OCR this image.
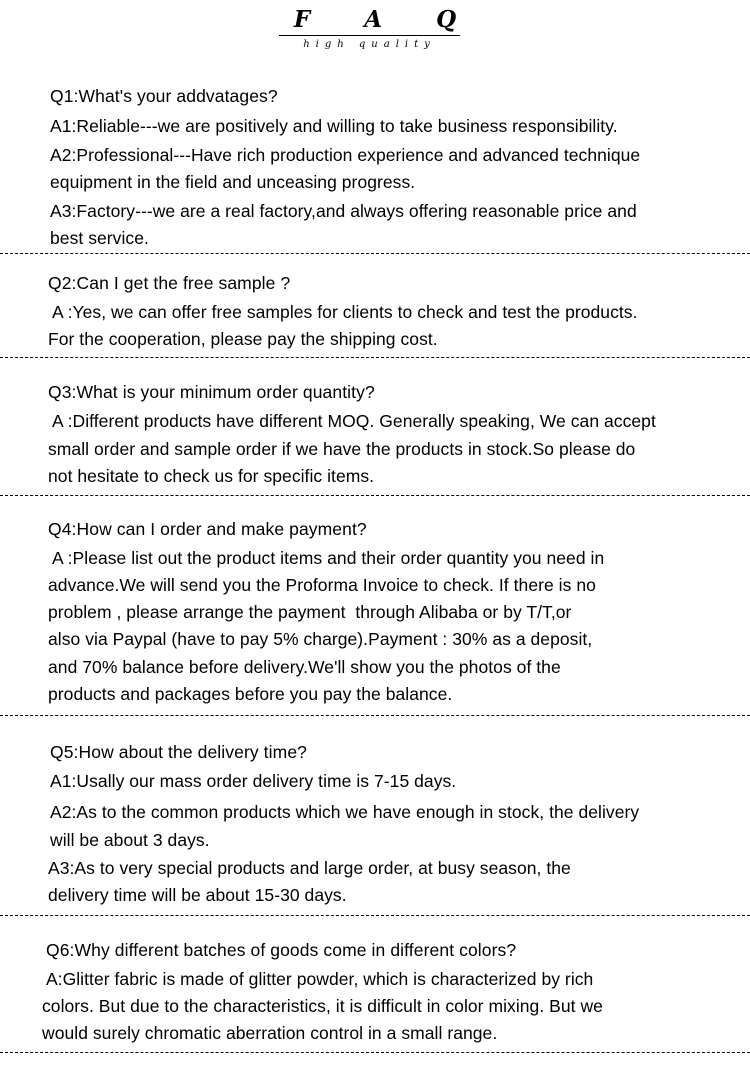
F A Q
high quality
Q1:What's your addvatages?
A1:Reliable---we are positively and willing to take business responsibility.
A2:Professional---Have rich production experience and advanced technique
equipment in the field and unceasing progress.
A3:Factory---we are a real factory,and always offering reasonable price and
best service.
Q2:Can I get the free sample ?
A :Yes, we can offer free samples for clients to check and test the products.
For the cooperation, please pay the shipping cost.
Q3:What is your minimum order quantity?
A :Different products have different MOQ. Generally speaking, We can accept
small order and sample order if we have the products in stock.So please do
not hesitate to check us for specific items.
Q4:How can I order and make payment?
A :Please list out the product items and their order quantity you need in
advance.We will send you the Proforma Invoice to check. If there is no
problem , please arrange the payment  through Alibaba or by T/T,or
also via Paypal (have to pay 5% charge).Payment : 30% as a deposit,
and 70% balance before delivery.We'll show you the photos of the
products and packages before you pay the balance.
Q5:How about the delivery time?
A1:Usally our mass order delivery time is 7-15 days.
A2:As to the common products which we have enough in stock, the delivery
will be about 3 days.
A3:As to very special products and large order, at busy season, the
delivery time will be about 15-30 days.
Q6:Why different batches of goods come in different colors?
A:Glitter fabric is made of glitter powder, which is characterized by rich
colors. But due to the characteristics, it is difficult in color mixing. But we
would surely chromatic aberration control in a small range.
